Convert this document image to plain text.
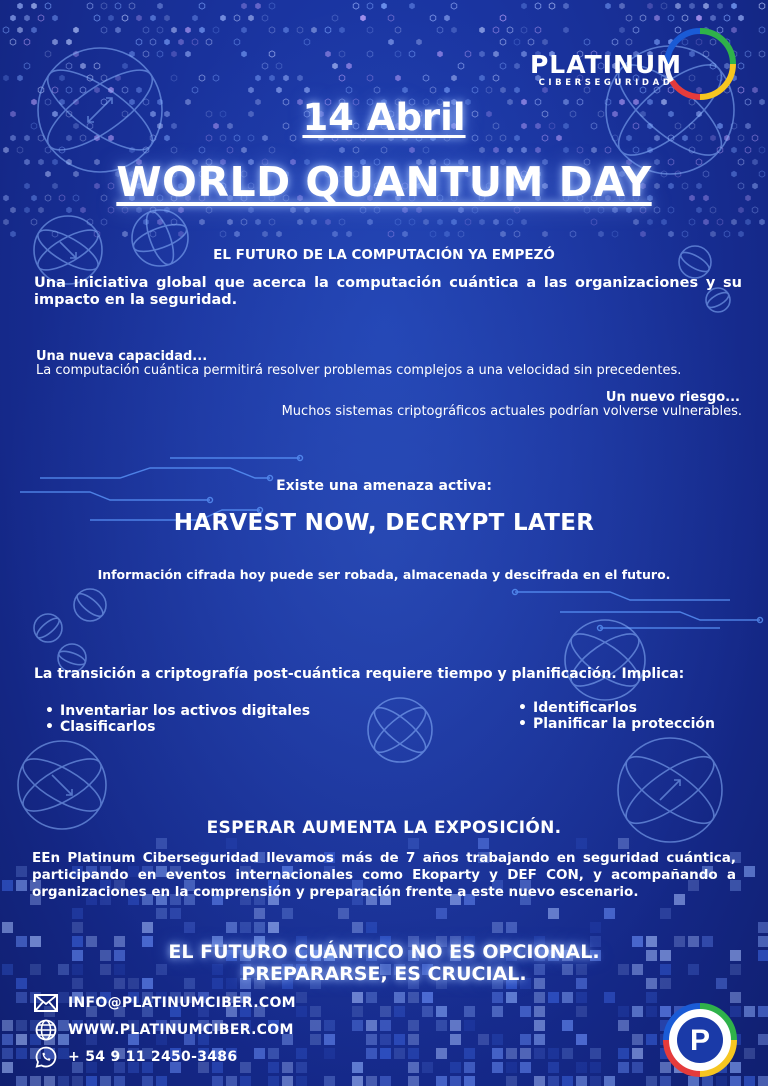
P
PLATINUM
CIBERSEGURIDAD
14 Abril
WORLD QUANTUM DAY
EL FUTURO DE LA COMPUTACIÓN YA EMPEZÓ
Una iniciativa global que acerca la computación cuántica a las organizaciones y su impacto en la seguridad.
Una nueva capacidad...
La computación cuántica permitirá resolver problemas complejos a una velocidad sin precedentes.
Un nuevo riesgo...
Muchos sistemas criptográficos actuales podrían volverse vulnerables.
Existe una amenaza activa:
HARVEST NOW, DECRYPT LATER
Información cifrada hoy puede ser robada, almacenada y descifrada en el futuro.
La transición a criptografía post-cuántica requiere tiempo y planificación. Implica:
• Inventariar los activos digitales
• Clasificarlos
• Identificarlos
• Planificar la protección
ESPERAR AUMENTA LA EXPOSICIÓN.
EEn Platinum Ciberseguridad llevamos más de 7 años trabajando en seguridad cuántica, participando en eventos internacionales como Ekoparty y DEF CON, y acompañando a organizaciones en la comprensión y preparación frente a este nuevo escenario.
EL FUTURO CUÁNTICO NO ES OPCIONAL.
PREPARARSE, ES CRUCIAL.
INFO@PLATINUMCIBER.COM
WWW.PLATINUMCIBER.COM
+ 54 9 11 2450-3486
